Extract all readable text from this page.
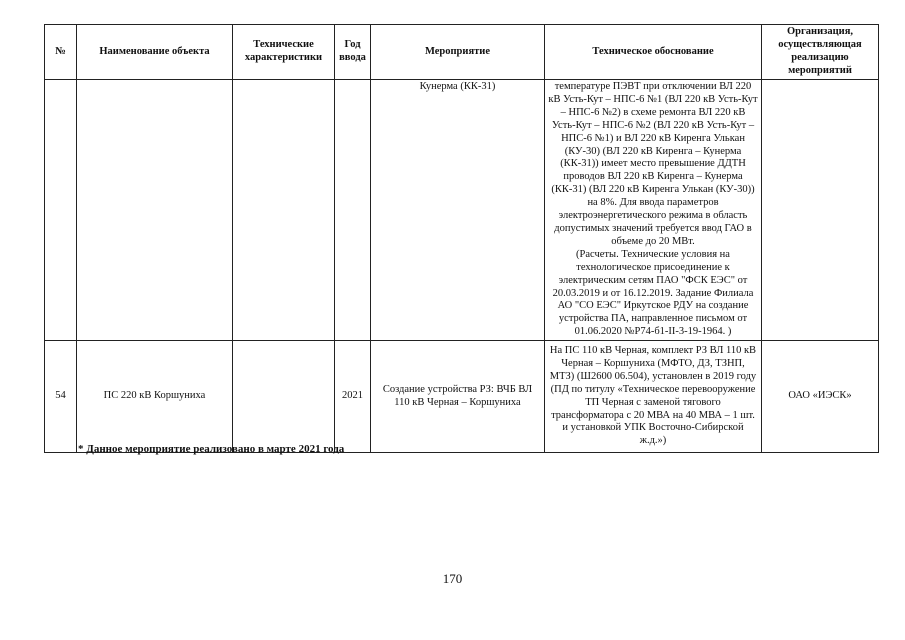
№	Наименование объекта	Технические характеристики	Год ввода	Мероприятие	Техническое обоснование	Организация, осуществляющая реализацию мероприятий
				Кунерма (КК-31)	температуре ПЭВТ при отключении ВЛ 220 кВ Усть-Кут – НПС-6 №1 (ВЛ 220 кВ Усть-Кут – НПС-6 №2) в схеме ремонта ВЛ 220 кВ Усть-Кут – НПС-6 №2 (ВЛ 220 кВ Усть-Кут – НПС-6 №1) и ВЛ 220 кВ Киренга Улькан (КУ-30) (ВЛ 220 кВ Киренга – Кунерма (КК-31)) имеет место превышение ДДТН проводов ВЛ 220 кВ Киренга – Кунерма (КК-31) (ВЛ 220 кВ Киренга Улькан (КУ-30)) на 8%. Для ввода параметров электроэнергетического режима в область допустимых значений требуется ввод ГАО в объеме до 20 МВт.
(Расчеты. Технические условия на технологическое присоединение к электрическим сетям ПАО "ФСК ЕЭС" от 20.03.2019 и от 16.12.2019. Задание Филиала АО "СО ЕЭС" Иркутское РДУ на создание устройства ПА, направленное письмом от 01.06.2020 №Р74-б1-II-3-19-1964. )	

54	ПС 220 кВ Коршуниха		2021	Создание устройства РЗ: ВЧБ ВЛ 110 кВ Черная – Коршуниха	На ПС 110 кВ Черная, комплект РЗ ВЛ 110 кВ Черная – Коршуниха (МФТО, ДЗ, ТЗНП, МТЗ) (Ш2600 06.504), установлен в 2019 году
(ПД по титулу «Техническое перевооружение ТП Черная с заменой тягового трансформатора с 20 МВА на 40 МВА – 1 шт. и установкой УПК Восточно-Сибирской ж.д.»)	ОАО «ИЭСК»
* Данное мероприятие реализовано в марте 2021 года
170
